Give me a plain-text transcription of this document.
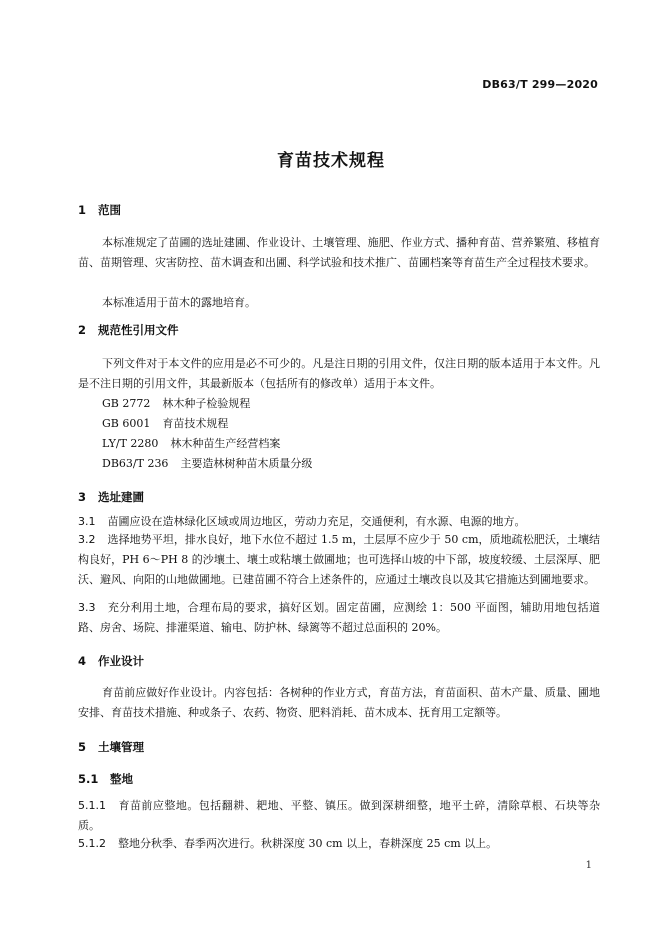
DB63/T 299—2020
育苗技术规程
1 范围
本标准规定了苗圃的选址建圃、作业设计、土壤管理、施肥、作业方式、播种育苗、营养繁殖、移植育苗、苗期管理、灾害防控、苗木调查和出圃、科学试验和技术推广、苗圃档案等育苗生产全过程技术要求。
本标准适用于苗木的露地培育。
2 规范性引用文件
下列文件对于本文件的应用是必不可少的。凡是注日期的引用文件，仅注日期的版本适用于本文件。凡是不注日期的引用文件，其最新版本（包括所有的修改单）适用于本文件。
GB 2772 林木种子检验规程
GB 6001 育苗技术规程
LY/T 2280 林木种苗生产经营档案
DB63/T 236 主要造林树种苗木质量分级
3 选址建圃
3.1 苗圃应设在造林绿化区域或周边地区，劳动力充足，交通便利，有水源、电源的地方。
3.2 选择地势平坦，排水良好，地下水位不超过 1.5 m，土层厚不应少于 50 cm，质地疏松肥沃，土壤结构良好，PH 6～PH 8 的沙壤土、壤土或粘壤土做圃地；也可选择山坡的中下部，坡度较缓、土层深厚、肥沃、避风、向阳的山地做圃地。已建苗圃不符合上述条件的，应通过土壤改良以及其它措施达到圃地要求。
3.3 充分利用土地，合理布局的要求，搞好区划。固定苗圃，应测绘 1：500 平面图，辅助用地包括道路、房舍、场院、排灌渠道、输电、防护林、绿篱等不超过总面积的 20%。
4 作业设计
育苗前应做好作业设计。内容包括：各树种的作业方式，育苗方法，育苗面积、苗木产量、质量、圃地安排、育苗技术措施、种或条子、农药、物资、肥料消耗、苗木成本、抚育用工定额等。
5 土壤管理
5.1 整地
5.1.1 育苗前应整地。包括翻耕、耙地、平整、镇压。做到深耕细整，地平土碎，清除草根、石块等杂质。
5.1.2 整地分秋季、春季两次进行。秋耕深度 30 cm 以上，春耕深度 25 cm 以上。
1
